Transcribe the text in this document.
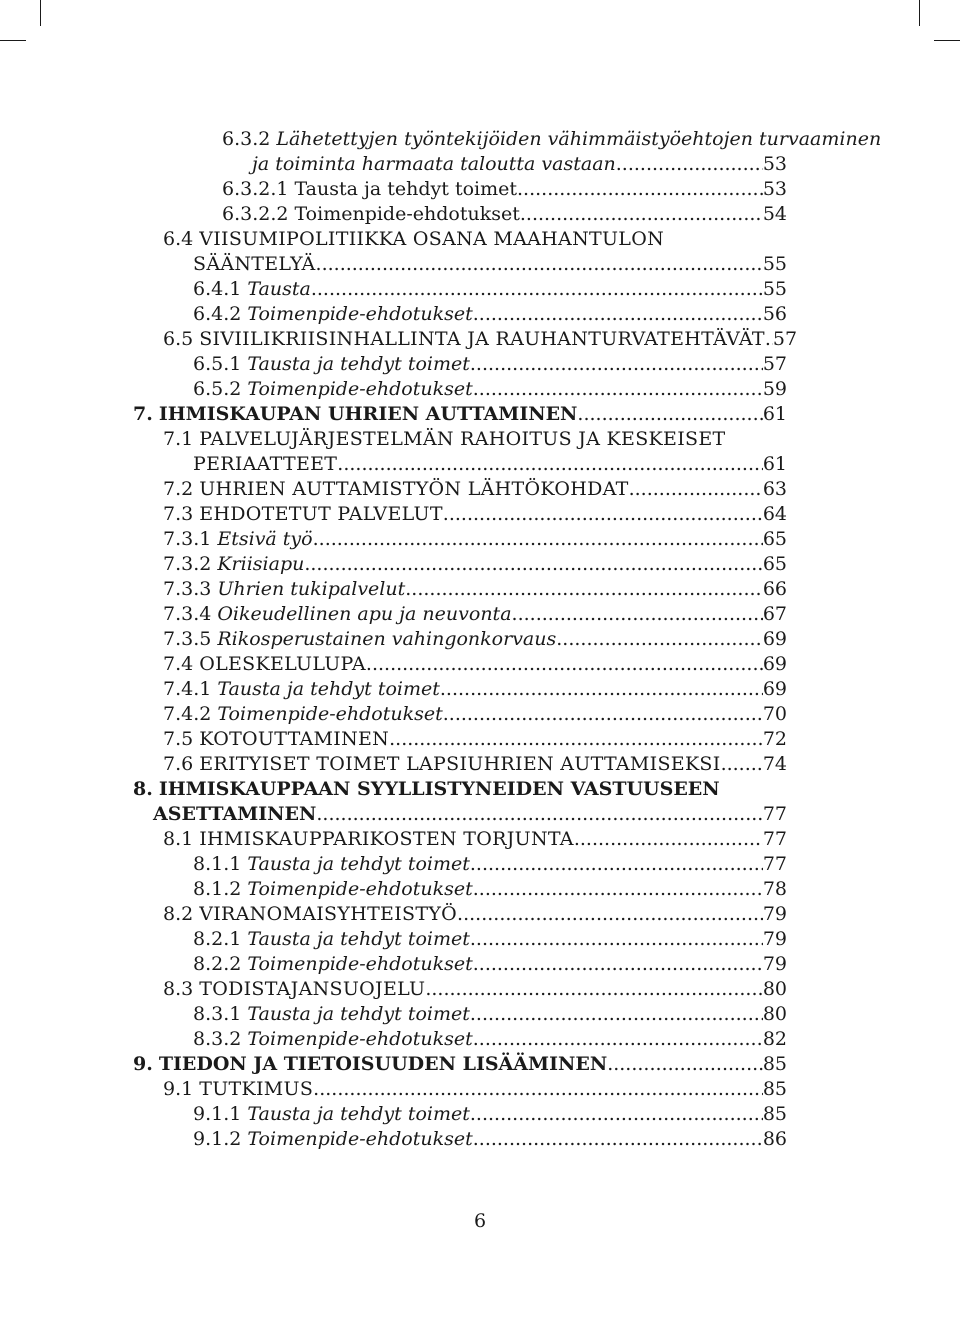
6.3.2 Lähetettyjen työntekijöiden vähimmäistyöehtojen turvaaminen
ja toiminta harmaata taloutta vastaan .....	53
6.3.2.1 Tausta ja tehdyt toimet .....	53
6.3.2.2 Toimenpide-ehdotukset .....	54
6.4 VIISUMIPOLITIIKKA OSANA MAAHANTULON
SÄÄNTELYÄ .....	55
6.4.1 Tausta .....	55
6.4.2 Toimenpide-ehdotukset .....	56
6.5 SIVIILIKRIISINHALLINTA JA RAUHANTURVATEHTÄVÄT ..... 57
6.5.1 Tausta ja tehdyt toimet .....	57
6.5.2 Toimenpide-ehdotukset .....	59
7. IHMISKAUPAN UHRIEN AUTTAMINEN .....	61
7.1 PALVELUJÄRJESTELMÄN RAHOITUS JA KESKEISET
PERIAATTEET .....	61
7.2 UHRIEN AUTTAMISTYÖN LÄHTÖKOHDAT .....	63
7.3 EHDOTETUT PALVELUT .....	64
7.3.1 Etsivä työ .....	65
7.3.2 Kriisiapu .....	65
7.3.3 Uhrien tukipalvelut .....	66
7.3.4 Oikeudellinen apu ja neuvonta .....	67
7.3.5 Rikosperustainen vahingonkorvaus .....	69
7.4 OLESKELULUPA .....	69
7.4.1 Tausta ja tehdyt toimet .....	69
7.4.2 Toimenpide-ehdotukset .....	70
7.5 KOTOUTTAMINEN .....	72
7.6 ERITYISET TOIMET LAPSIUHRIEN AUTTAMISEKSI ..... 74
8. IHMISKAUPPAAN SYYLLISTYNEIDEN VASTUUSEEN
ASETTAMINEN .....	77
8.1 IHMISKAUPPARIKOSTEN TORJUNTA .....	77
8.1.1 Tausta ja tehdyt toimet .....	77
8.1.2 Toimenpide-ehdotukset .....	78
8.2 VIRANOMAISYHTEISTYÖ .....	79
8.2.1 Tausta ja tehdyt toimet .....	79
8.2.2 Toimenpide-ehdotukset .....	79
8.3 TODISTAJANSUOJELU .....	80
8.3.1 Tausta ja tehdyt toimet .....	80
8.3.2 Toimenpide-ehdotukset .....	82
9. TIEDON JA TIETOISUUDEN LISÄÄMINEN .....	85
9.1 TUTKIMUS .....	85
9.1.1 Tausta ja tehdyt toimet .....	85
9.1.2 Toimenpide-ehdotukset .....	86
6
